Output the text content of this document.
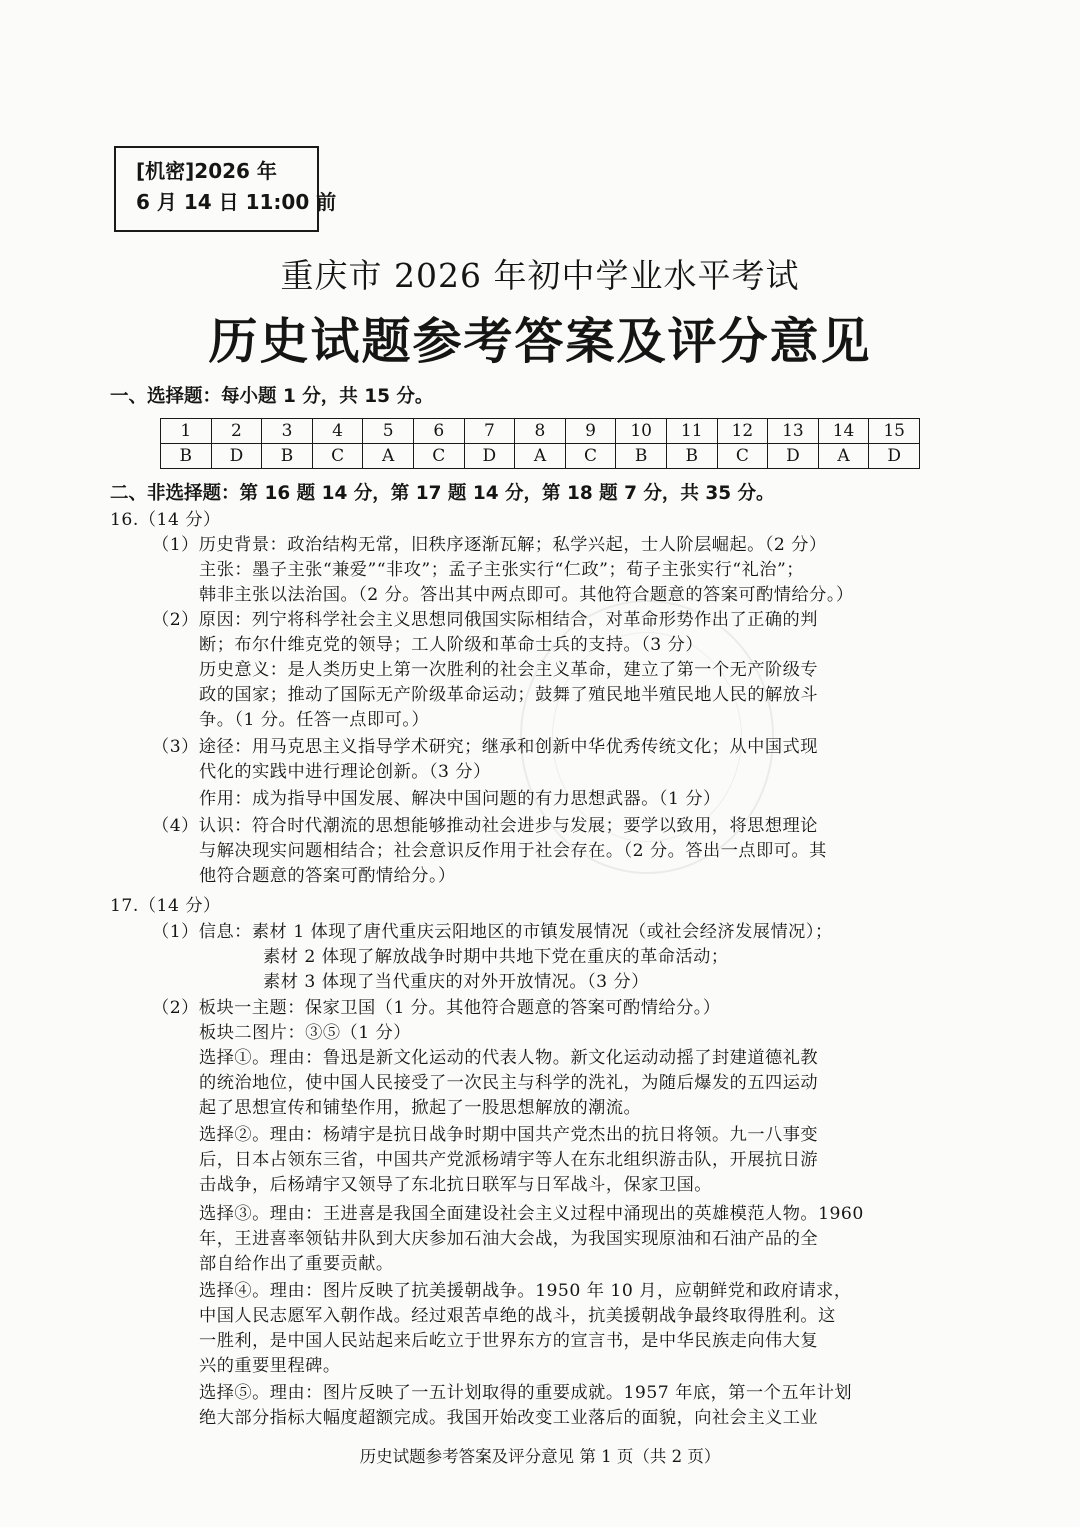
[机密]2026 年
6 月 14 日 11:00 前
重庆市 2026 年初中学业水平考试
历史试题参考答案及评分意见
一、选择题：每小题 1 分，共 15 分。
1	2	3	4	5	6	7	8	9	10	11	12	13	14	15
B	D	B	C	A	C	D	A	C	B	B	C	D	A	D
二、非选择题：第 16 题 14 分，第 17 题 14 分，第 18 题 7 分，共 35 分。
16.（14 分）
（1）历史背景：政治结构无常，旧秩序逐渐瓦解；私学兴起，士人阶层崛起。（2 分）
主张：墨子主张“兼爱”“非攻”；孟子主张实行“仁政”；荀子主张实行“礼治”；
韩非主张以法治国。（2 分。答出其中两点即可。其他符合题意的答案可酌情给分。）
（2）原因：列宁将科学社会主义思想同俄国实际相结合，对革命形势作出了正确的判
断；布尔什维克党的领导；工人阶级和革命士兵的支持。（3 分）
历史意义：是人类历史上第一次胜利的社会主义革命，建立了第一个无产阶级专
政的国家；推动了国际无产阶级革命运动；鼓舞了殖民地半殖民地人民的解放斗
争。（1 分。任答一点即可。）
（3）途径：用马克思主义指导学术研究；继承和创新中华优秀传统文化；从中国式现
代化的实践中进行理论创新。（3 分）
作用：成为指导中国发展、解决中国问题的有力思想武器。（1 分）
（4）认识：符合时代潮流的思想能够推动社会进步与发展；要学以致用，将思想理论
与解决现实问题相结合；社会意识反作用于社会存在。（2 分。答出一点即可。其
他符合题意的答案可酌情给分。）
17.（14 分）
（1）信息：素材 1 体现了唐代重庆云阳地区的市镇发展情况（或社会经济发展情况）；
素材 2 体现了解放战争时期中共地下党在重庆的革命活动；
素材 3 体现了当代重庆的对外开放情况。（3 分）
（2）板块一主题：保家卫国（1 分。其他符合题意的答案可酌情给分。）
板块二图片：③⑤（1 分）
选择①。理由：鲁迅是新文化运动的代表人物。新文化运动动摇了封建道德礼教
的统治地位，使中国人民接受了一次民主与科学的洗礼，为随后爆发的五四运动
起了思想宣传和铺垫作用，掀起了一股思想解放的潮流。
选择②。理由：杨靖宇是抗日战争时期中国共产党杰出的抗日将领。九一八事变
后，日本占领东三省，中国共产党派杨靖宇等人在东北组织游击队，开展抗日游
击战争，后杨靖宇又领导了东北抗日联军与日军战斗，保家卫国。
选择③。理由：王进喜是我国全面建设社会主义过程中涌现出的英雄模范人物。1960
年，王进喜率领钻井队到大庆参加石油大会战，为我国实现原油和石油产品的全
部自给作出了重要贡献。
选择④。理由：图片反映了抗美援朝战争。1950 年 10 月，应朝鲜党和政府请求，
中国人民志愿军入朝作战。经过艰苦卓绝的战斗，抗美援朝战争最终取得胜利。这
一胜利，是中国人民站起来后屹立于世界东方的宣言书，是中华民族走向伟大复
兴的重要里程碑。
选择⑤。理由：图片反映了一五计划取得的重要成就。1957 年底，第一个五年计划
绝大部分指标大幅度超额完成。我国开始改变工业落后的面貌，向社会主义工业
历史试题参考答案及评分意见 第 1 页（共 2 页）
